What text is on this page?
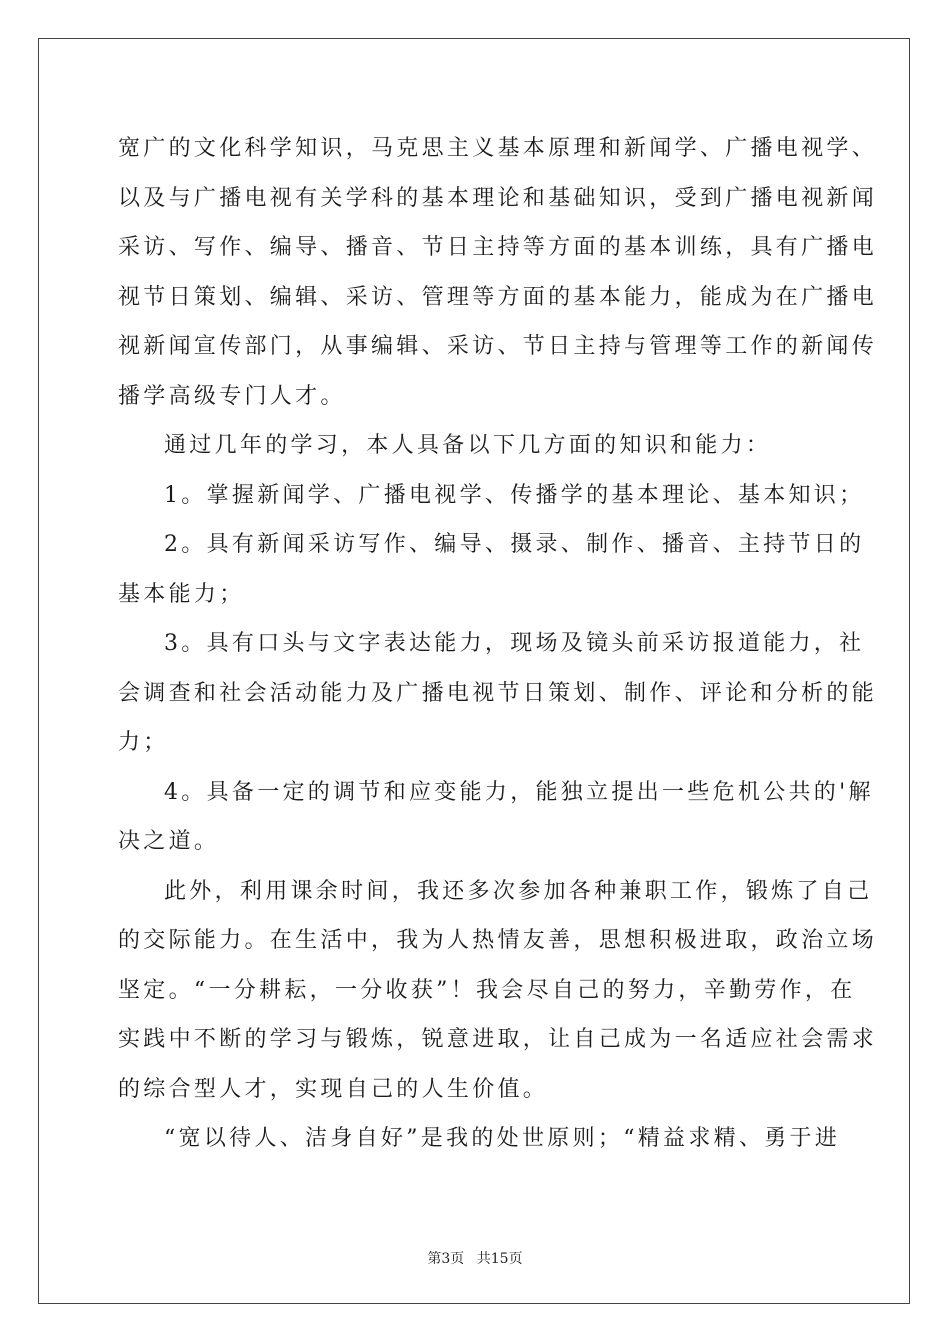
宽广的文化科学知识，马克思主义基本原理和新闻学、广播电视学、
以及与广播电视有关学科的基本理论和基础知识，受到广播电视新闻
采访、写作、编导、播音、节日主持等方面的基本训练，具有广播电
视节日策划、编辑、采访、管理等方面的基本能力，能成为在广播电
视新闻宣传部门，从事编辑、采访、节日主持与管理等工作的新闻传
播学高级专门人才。
通过几年的学习，本人具备以下几方面的知识和能力：
1。掌握新闻学、广播电视学、传播学的基本理论、基本知识；
2。具有新闻采访写作、编导、摄录、制作、播音、主持节日的
基本能力；
3。具有口头与文字表达能力，现场及镜头前采访报道能力，社
会调查和社会活动能力及广播电视节日策划、制作、评论和分析的能
力；
4。具备一定的调节和应变能力，能独立提出一些危机公共的'解
决之道。
此外，利用课余时间，我还多次参加各种兼职工作，锻炼了自己
的交际能力。在生活中，我为人热情友善，思想积极进取，政治立场
坚定。“一分耕耘，一分收获”！我会尽自己的努力，辛勤劳作，在
实践中不断的学习与锻炼，锐意进取，让自己成为一名适应社会需求
的综合型人才，实现自己的人生价值。
“宽以待人、洁身自好”是我的处世原则；“精益求精、勇于进
第3页 共15页
